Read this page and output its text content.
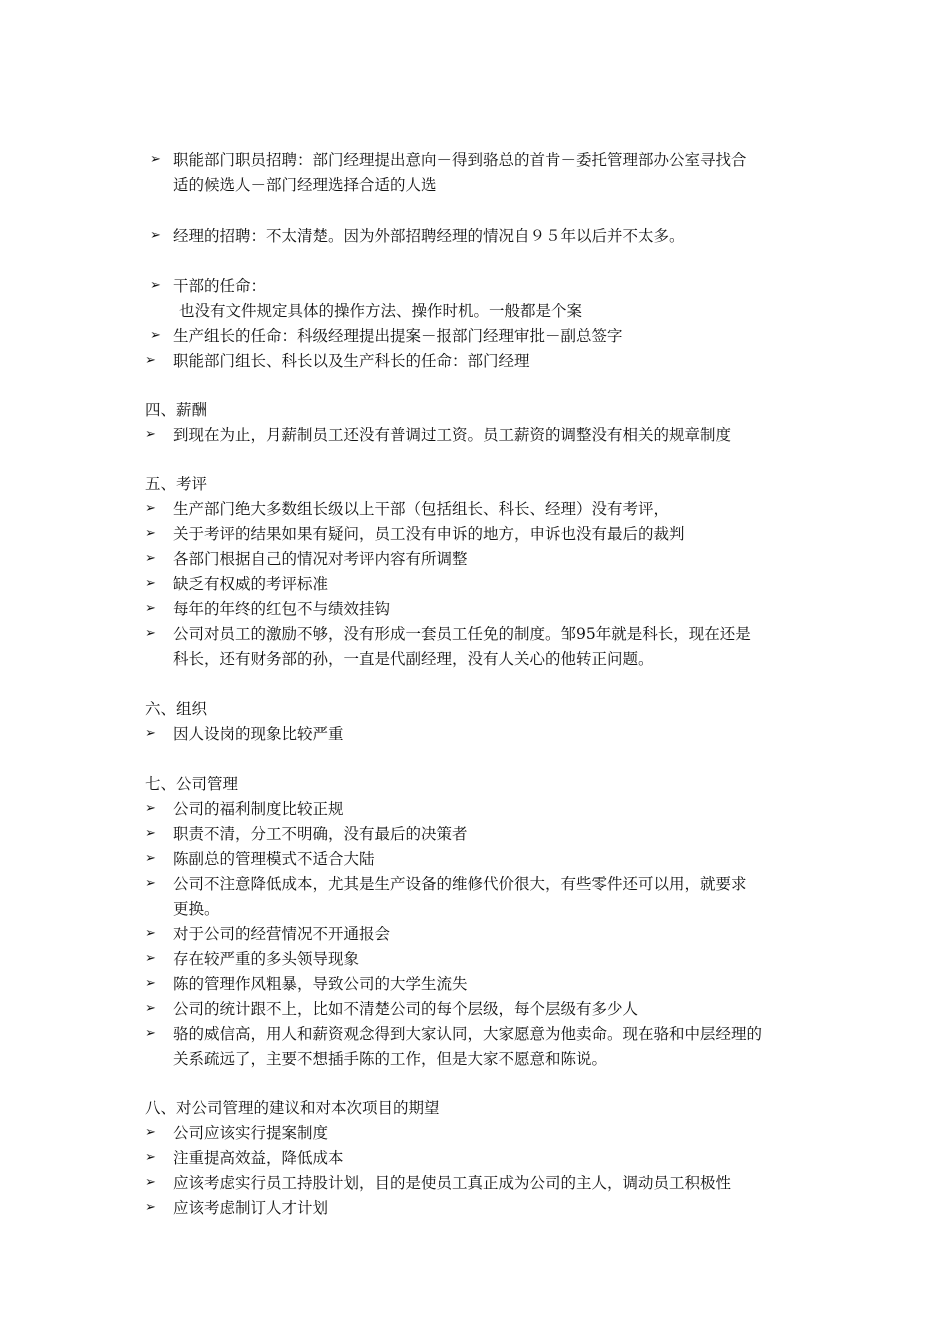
➢ 职能部门职员招聘：部门经理提出意向－得到骆总的首肯－委托管理部办公室寻找合
适的候选人－部门经理选择合适的人选
➢ 经理的招聘：不太清楚。因为外部招聘经理的情况自９５年以后并不太多。
➢ 干部的任命：
也没有文件规定具体的操作方法、操作时机。一般都是个案
➢ 生产组长的任命：科级经理提出提案－报部门经理审批－副总签字
➢ 职能部门组长、科长以及生产科长的任命：部门经理
四、薪酬
➢ 到现在为止，月薪制员工还没有普调过工资。员工薪资的调整没有相关的规章制度
五、考评
➢ 生产部门绝大多数组长级以上干部（包括组长、科长、经理）没有考评，
➢ 关于考评的结果如果有疑问，员工没有申诉的地方，申诉也没有最后的裁判
➢ 各部门根据自己的情况对考评内容有所调整
➢ 缺乏有权威的考评标准
➢ 每年的年终的红包不与绩效挂钩
➢ 公司对员工的激励不够，没有形成一套员工任免的制度。邹95年就是科长，现在还是
科长，还有财务部的孙，一直是代副经理，没有人关心的他转正问题。
六、组织
➢ 因人设岗的现象比较严重
七、公司管理
➢ 公司的福利制度比较正规
➢ 职责不清，分工不明确，没有最后的决策者
➢ 陈副总的管理模式不适合大陆
➢ 公司不注意降低成本，尤其是生产设备的维修代价很大，有些零件还可以用，就要求
更换。
➢ 对于公司的经营情况不开通报会
➢ 存在较严重的多头领导现象
➢ 陈的管理作风粗暴，导致公司的大学生流失
➢ 公司的统计跟不上，比如不清楚公司的每个层级，每个层级有多少人
➢ 骆的威信高，用人和薪资观念得到大家认同，大家愿意为他卖命。现在骆和中层经理的
关系疏远了，主要不想插手陈的工作，但是大家不愿意和陈说。
八、对公司管理的建议和对本次项目的期望
➢ 公司应该实行提案制度
➢ 注重提高效益，降低成本
➢ 应该考虑实行员工持股计划，目的是使员工真正成为公司的主人，调动员工积极性
➢ 应该考虑制订人才计划
